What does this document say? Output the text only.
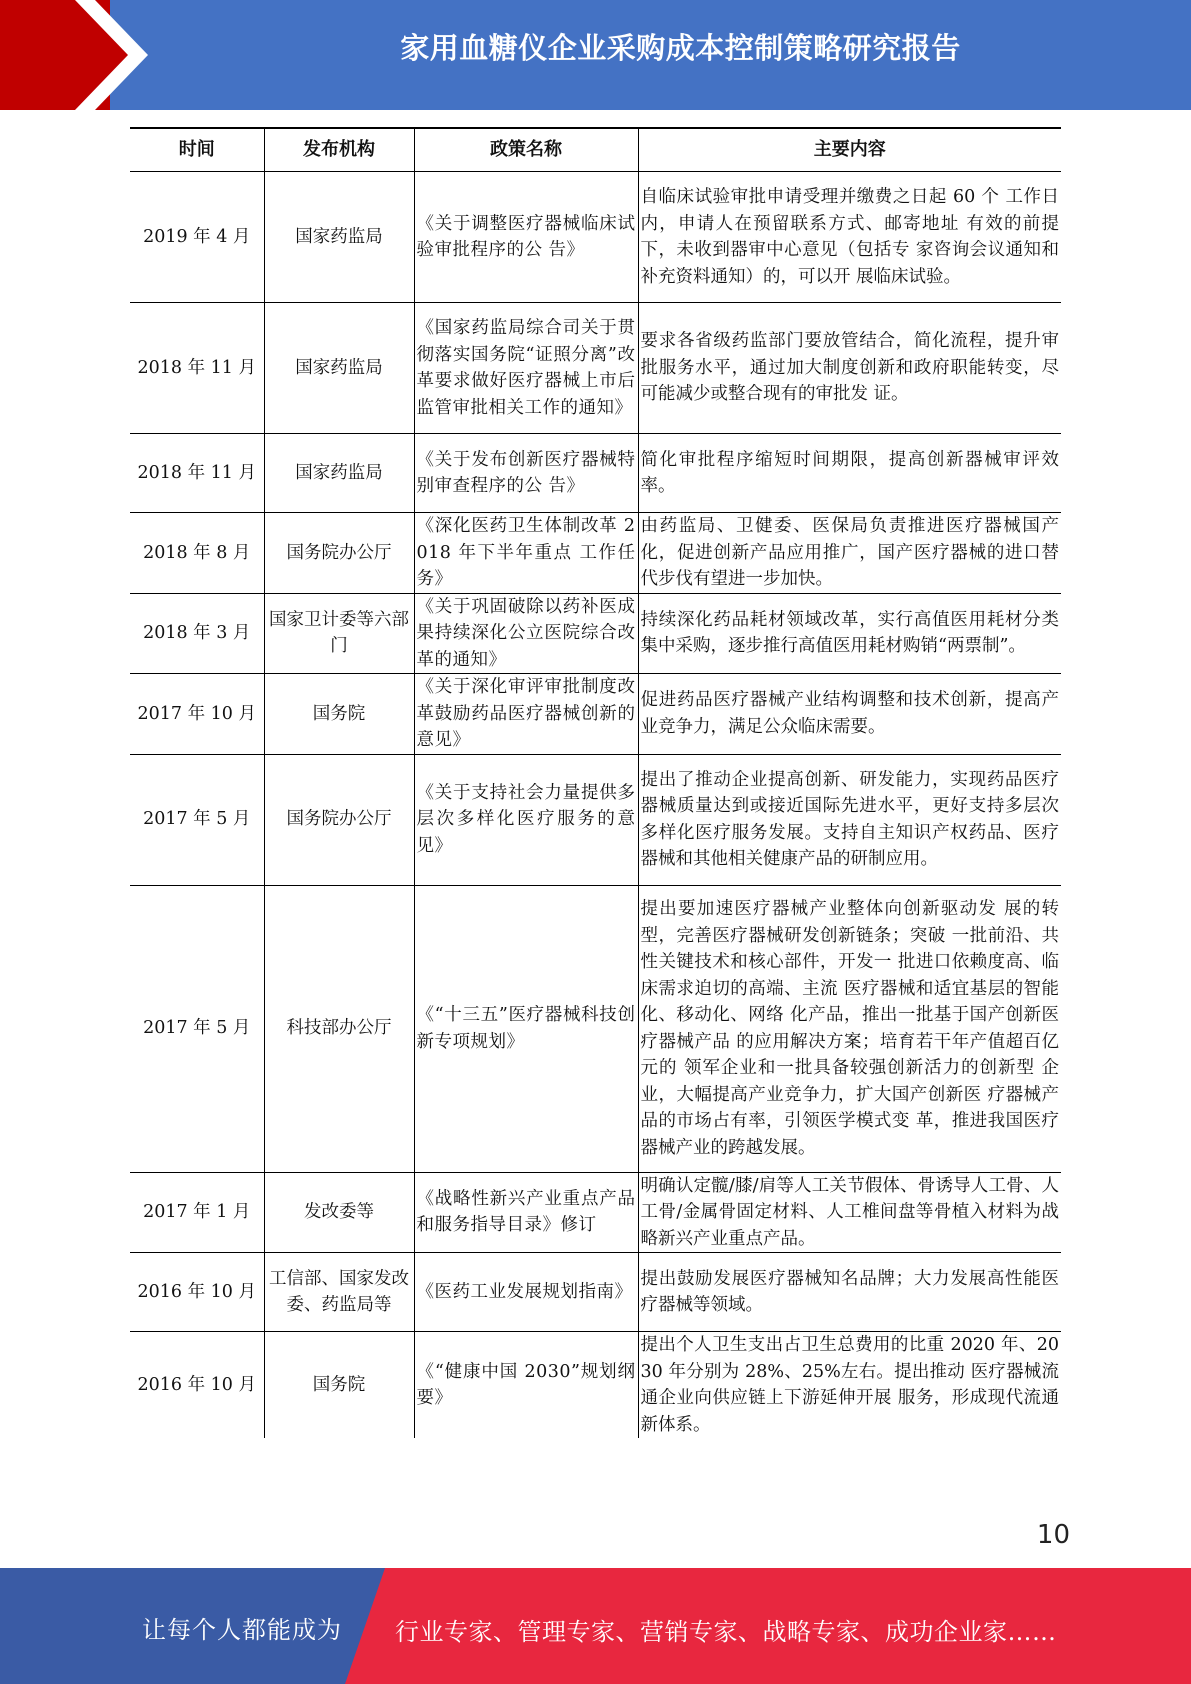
家用血糖仪企业采购成本控制策略研究报告
时间	发布机构	政策名称	主要内容
2019 年 4 月	国家药监局	《关于调整医疗器械临床试验审批程序的公 告》	自临床试验审批申请受理并缴费之日起 60 个 工作日内，申请人在预留联系方式、邮寄地址 有效的前提下，未收到器审中心意见（包括专 家咨询会议通知和补充资料通知）的，可以开 展临床试验。
2018 年 11 月	国家药监局	《国家药监局综合司关于贯彻落实国务院“证照分离”改革要求做好医疗器械上市后监管审批相关工作的通知》	要求各省级药监部门要放管结合，简化流程，提升审批服务水平，通过加大制度创新和政府职能转变，尽可能减少或整合现有的审批发 证。
2018 年 11 月	国家药监局	《关于发布创新医疗器械特别审查程序的公 告》	简化审批程序缩短时间期限，提高创新器械审评效率。
2018 年 8 月	国务院办公厅	《深化医药卫生体制改革 2018 年下半年重点 工作任务》	由药监局、卫健委、医保局负责推进医疗器械国产化，促进创新产品应用推广，国产医疗器械的进口替代步伐有望进一步加快。
2018 年 3 月	国家卫计委等六部门	《关于巩固破除以药补医成果持续深化公立医院综合改革的通知》	持续深化药品耗材领域改革，实行高值医用耗材分类集中采购，逐步推行高值医用耗材购销“两票制”。
2017 年 10 月	国务院	《关于深化审评审批制度改革鼓励药品医疗器械创新的意见》	促进药品医疗器械产业结构调整和技术创新，提高产业竞争力，满足公众临床需要。
2017 年 5 月	国务院办公厅	《关于支持社会力量提供多层次多样化医疗服务的意见》	提出了推动企业提高创新、研发能力，实现药品医疗器械质量达到或接近国际先进水平，更好支持多层次多样化医疗服务发展。支持自主知识产权药品、医疗器械和其他相关健康产品的研制应用。
2017 年 5 月	科技部办公厅	《“十三五”医疗器械科技创新专项规划》	提出要加速医疗器械产业整体向创新驱动发 展的转型，完善医疗器械研发创新链条；突破 一批前沿、共性关键技术和核心部件，开发一 批进口依赖度高、临床需求迫切的高端、主流 医疗器械和适宜基层的智能化、移动化、网络 化产品，推出一批基于国产创新医疗器械产品 的应用解决方案；培育若干年产值超百亿元的 领军企业和一批具备较强创新活力的创新型 企业，大幅提高产业竞争力，扩大国产创新医 疗器械产品的市场占有率，引领医学模式变 革，推进我国医疗器械产业的跨越发展。
2017 年 1 月	发改委等	《战略性新兴产业重点产品和服务指导目录》修订	明确认定髋/膝/肩等人工关节假体、骨诱导人工骨、人工骨/金属骨固定材料、人工椎间盘等骨植入材料为战略新兴产业重点产品。
2016 年 10 月	工信部、国家发改委、药监局等	《医药工业发展规划指南》	提出鼓励发展医疗器械知名品牌；大力发展高性能医疗器械等领域。
2016 年 10 月	国务院	《“健康中国 2030”规划纲要》	提出个人卫生支出占卫生总费用的比重 2020 年、2030 年分别为 28%、25%左右。提出推动 医疗器械流通企业向供应链上下游延伸开展 服务，形成现代流通新体系。
10
让每个人都能成为 行业专家、管理专家、营销专家、战略专家、成功企业家……
